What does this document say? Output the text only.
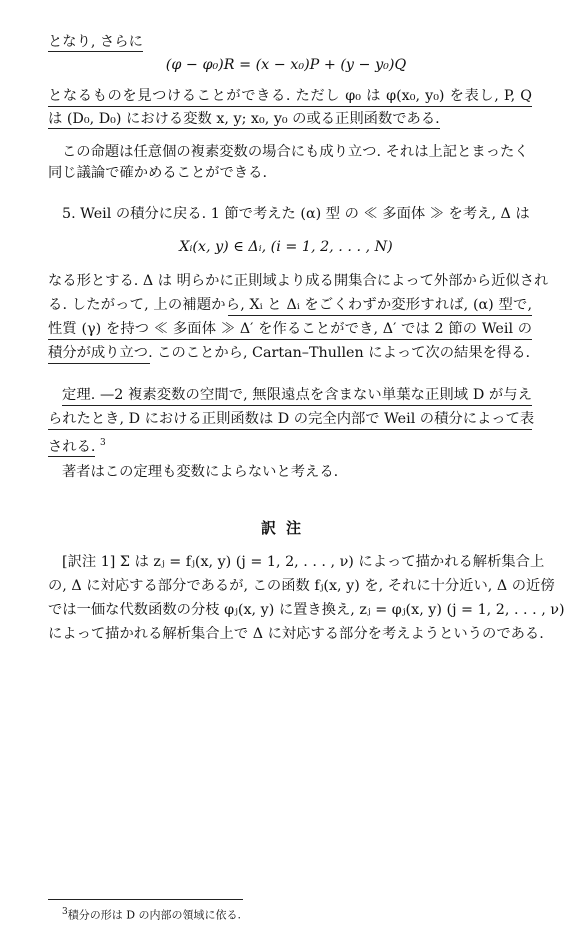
となり, さらに
(φ − φ₀)R = (x − x₀)P + (y − y₀)Q
となるものを見つけることができる. ただし φ₀ は φ(x₀, y₀) を表し, P, Q
は (D₀, D₀) における変数 x, y; x₀, y₀ の或る正則函数である.
この命題は任意個の複素変数の場合にも成り立つ. それは上記とまったく
同じ議論で確かめることができる.
5. Weil の積分に戻る. 1 節で考えた (α) 型 の ≪ 多面体 ≫ を考え, Δ は
Xᵢ(x, y) ∈ Δᵢ, (i = 1, 2, . . . , N)
なる形とする. Δ は 明らかに正則域より成る開集合によって外部から近似され
る. したがって, 上の補題から, Xᵢ と Δᵢ をごくわずか変形すれば, (α) 型で,
性質 (γ) を持つ ≪ 多面体 ≫ Δ′ を作ることができ, Δ′ では 2 節の Weil の
積分が成り立つ. このことから, Cartan–Thullen によって次の結果を得る.
定理. —2 複素変数の空間で, 無限遠点を含まない単葉な正則域 D が与え
られたとき, D における正則函数は D の完全内部で Weil の積分によって表
される. $^3$
著者はこの定理も変数によらないと考える.
訳注
[訳注 1] Σ は zⱼ = fⱼ(x, y) (j = 1, 2, . . . , ν) によって描かれる解析集合上
の, Δ に対応する部分であるが, この函数 fⱼ(x, y) を, それに十分近い, Δ の近傍
では一価な代数函数の分枝 φⱼ(x, y) に置き換え, zⱼ = φⱼ(x, y) (j = 1, 2, . . . , ν)
によって描かれる解析集合上で Δ に対応する部分を考えようというのである.
$^3$積分の形は D の内部の領域に依る.
